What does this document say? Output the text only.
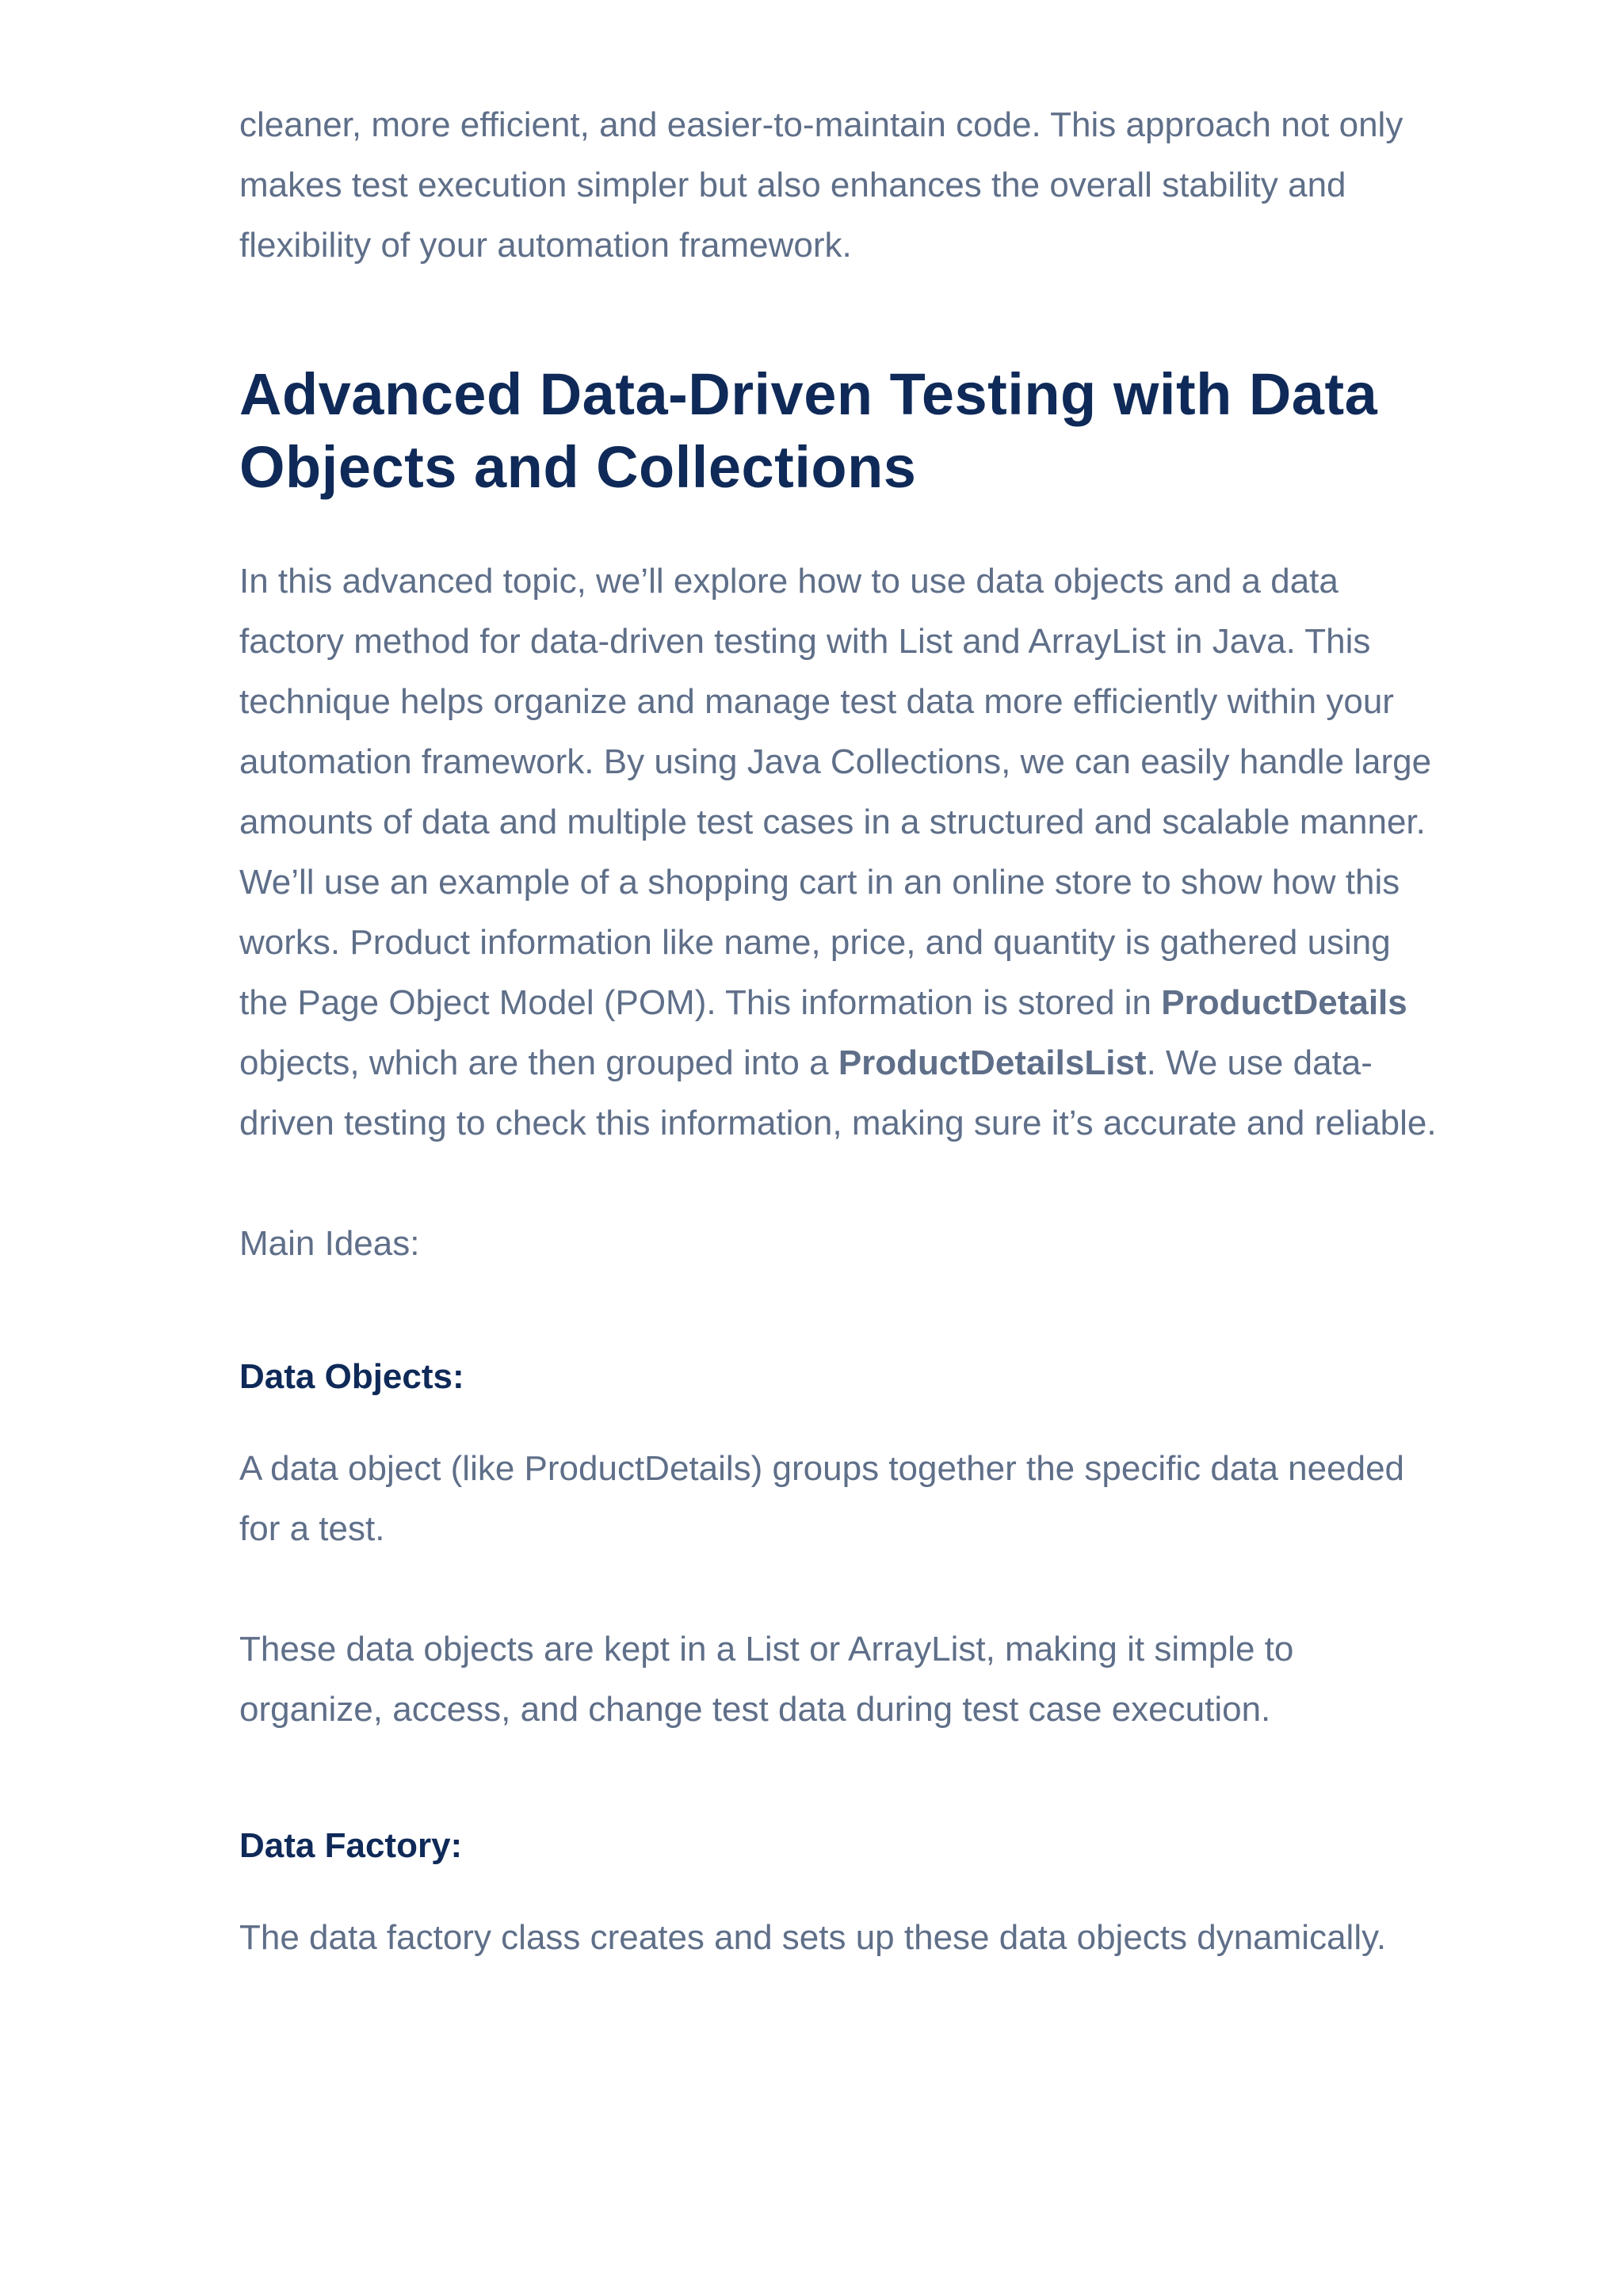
cleaner, more efficient, and easier-to-maintain code. This approach not only makes test execution simpler but also enhances the overall stability and flexibility of your automation framework.

Advanced Data-Driven Testing with Data Objects and Collections

In this advanced topic, we’ll explore how to use data objects and a data factory method for data-driven testing with List and ArrayList in Java. This technique helps organize and manage test data more efficiently within your automation framework. By using Java Collections, we can easily handle large amounts of data and multiple test cases in a structured and scalable manner.

We’ll use an example of a shopping cart in an online store to show how this works. Product information like name, price, and quantity is gathered using the Page Object Model (POM). This information is stored in ProductDetails objects, which are then grouped into a ProductDetailsList. We use data-driven testing to check this information, making sure it’s accurate and reliable.

Main Ideas:

Data Objects:

A data object (like ProductDetails) groups together the specific data needed for a test.

These data objects are kept in a List or ArrayList, making it simple to organize, access, and change test data during test case execution.

Data Factory:

The data factory class creates and sets up these data objects dynamically.
